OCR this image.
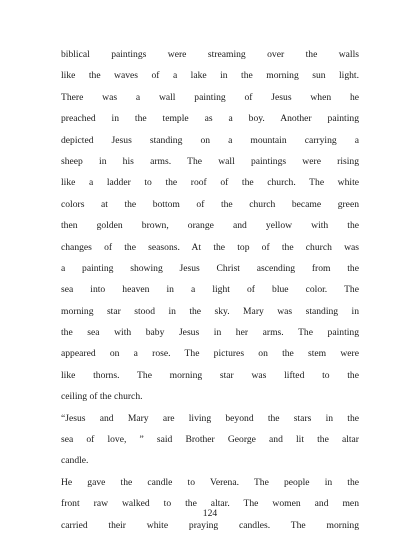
biblical paintings were streaming over the walls
like the waves of a lake in the morning sun light.
There was a wall painting of Jesus when he
preached in the temple as a boy. Another painting
depicted Jesus standing on a mountain carrying a
sheep in his arms. The wall paintings were rising
like a ladder to the roof of the church. The white
colors at the bottom of the church became green
then golden brown, orange and yellow with the
changes of the seasons. At the top of the church was
a painting showing Jesus Christ ascending from the
sea into heaven in a light of blue color. The
morning star stood in the sky. Mary was standing in
the sea with baby Jesus in her arms. The painting
appeared on a rose. The pictures on the stem were
like thorns. The morning star was lifted to the
ceiling of the church.
“Jesus and Mary are living beyond the stars in the
sea of love, ” said Brother George and lit the altar
candle.
He gave the candle to Verena. The people in the
front raw walked to the altar. The women and men
carried their white praying candles. The morning
124
